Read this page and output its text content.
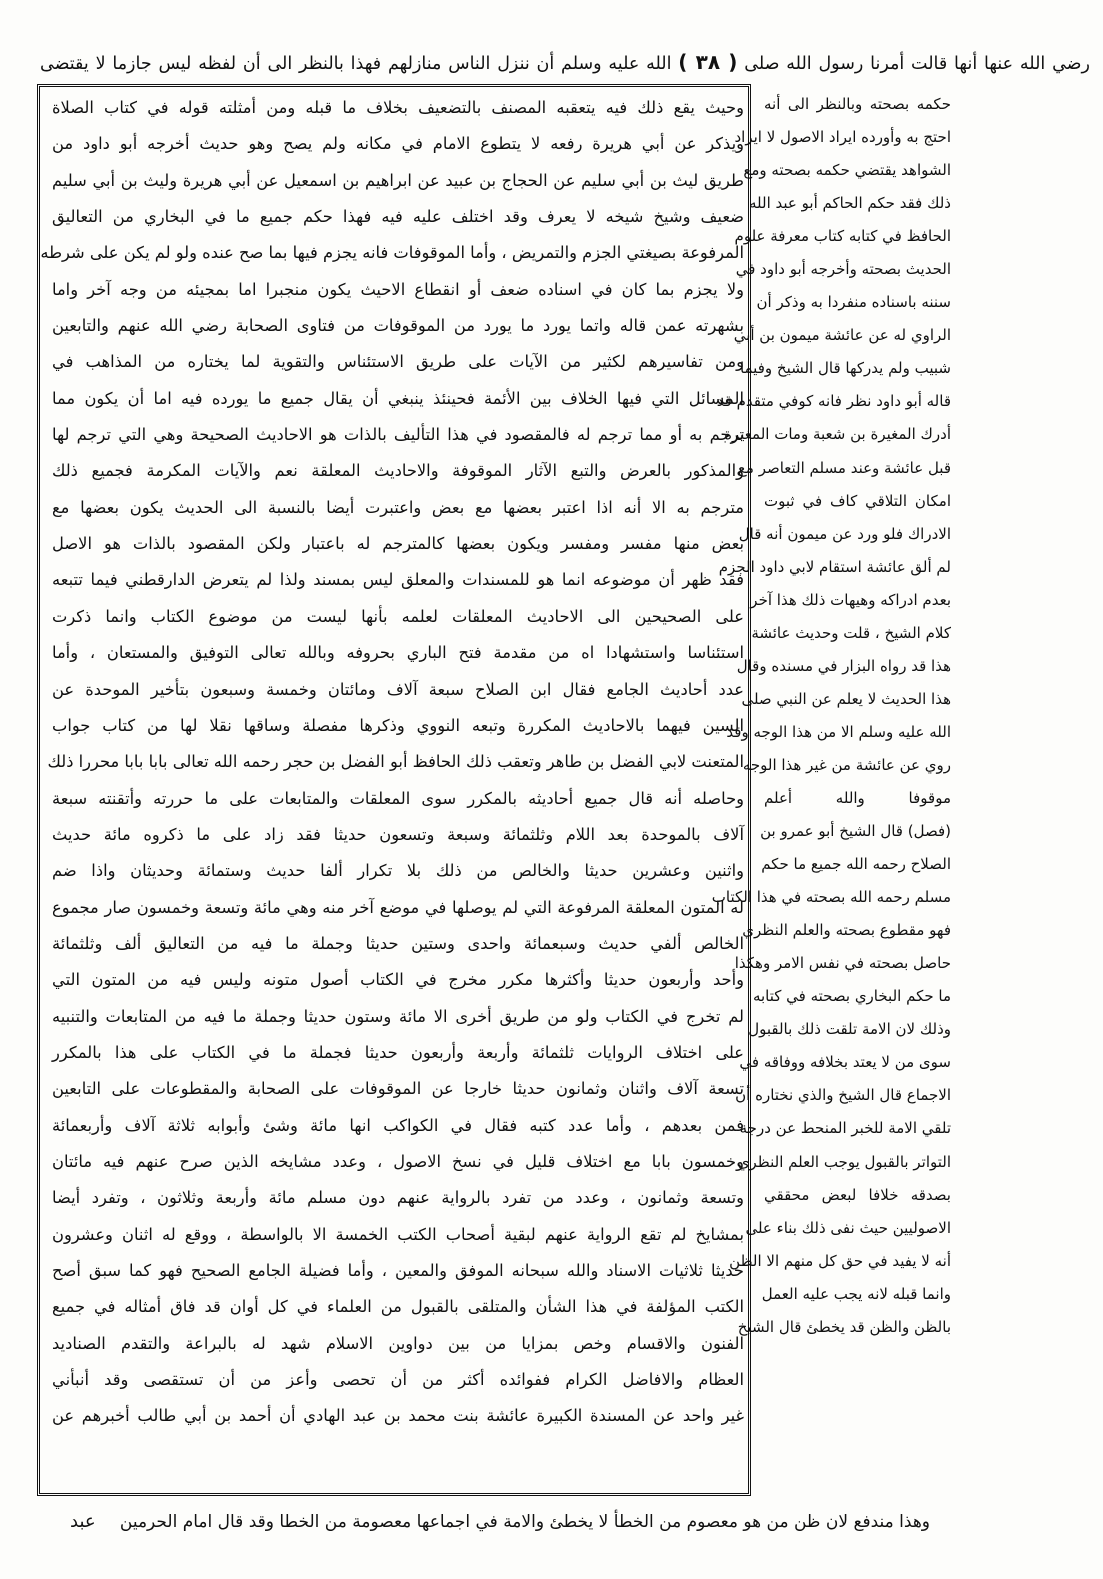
رضي الله عنها أنها قالت أمرنا رسول الله صلى ( ٣٨ ) الله عليه وسلم أن ننزل الناس منازلهم فهذا بالنظر الى أن لفظه ليس جازما لا يقتضى
وحيث يقع ذلك فيه يتعقبه المصنف بالتضعيف بخلاف ما قبله ومن أمثلته قوله في كتاب الصلاة
ويذكر عن أبي هريرة رفعه لا يتطوع الامام في مكانه ولم يصح وهو حديث أخرجه أبو داود من
طريق ليث بن أبي سليم عن الحجاج بن عبيد عن ابراهيم بن اسمعيل عن أبي هريرة وليث بن أبي سليم
ضعيف وشيخ شيخه لا يعرف وقد اختلف عليه فيه فهذا حكم جميع ما في البخاري من التعاليق
المرفوعة بصيغتي الجزم والتمريض ، وأما الموقوفات فانه يجزم فيها بما صح عنده ولو لم يكن على شرطه
ولا يجزم بما كان في اسناده ضعف أو انقطاع الاحيث يكون منجبرا اما بمجيئه من وجه آخر واما
بشهرته عمن قاله واتما يورد ما يورد من الموقوفات من فتاوى الصحابة رضي الله عنهم والتابعين
ومن تفاسيرهم لكثير من الآيات على طريق الاستئناس والتقوية لما يختاره من المذاهب في
المسائل التي فيها الخلاف بين الأئمة فحينئذ ينبغي أن يقال جميع ما يورده فيه اما أن يكون مما
ترجم به أو مما ترجم له فالمقصود في هذا التأليف بالذات هو الاحاديث الصحيحة وهي التي ترجم لها
والمذكور بالعرض والتبع الآثار الموقوفة والاحاديث المعلقة نعم والآيات المكرمة فجميع ذلك
مترجم به الا أنه اذا اعتبر بعضها مع بعض واعتبرت أيضا بالنسبة الى الحديث يكون بعضها مع
بعض منها مفسر ومفسر ويكون بعضها كالمترجم له باعتبار ولكن المقصود بالذات هو الاصل
فقد ظهر أن موضوعه انما هو للمسندات والمعلق ليس بمسند ولذا لم يتعرض الدارقطني فيما تتبعه
على الصحيحين الى الاحاديث المعلقات لعلمه بأنها ليست من موضوع الكتاب وانما ذكرت
استئناسا واستشهادا اه من مقدمة فتح الباري بحروفه وبالله تعالى التوفيق والمستعان ، وأما
عدد أحاديث الجامع فقال ابن الصلاح سبعة آلاف ومائتان وخمسة وسبعون بتأخير الموحدة عن
السين فيهما بالاحاديث المكررة وتبعه النووي وذكرها مفصلة وساقها نقلا لها من كتاب جواب
المتعنت لابي الفضل بن طاهر وتعقب ذلك الحافظ أبو الفضل بن حجر رحمه الله تعالى بابا بابا محررا ذلك
وحاصله أنه قال جميع أحاديثه بالمكرر سوى المعلقات والمتابعات على ما حررته وأتقنته سبعة
آلاف بالموحدة بعد اللام وثلثمائة وسبعة وتسعون حديثا فقد زاد على ما ذكروه مائة حديث
واثنين وعشرين حديثا والخالص من ذلك بلا تكرار ألفا حديث وستمائة وحديثان واذا ضم
له المتون المعلقة المرفوعة التي لم يوصلها في موضع آخر منه وهي مائة وتسعة وخمسون صار مجموع
الخالص ألفي حديث وسبعمائة واحدى وستين حديثا وجملة ما فيه من التعاليق ألف وثلثمائة
وأحد وأربعون حديثا وأكثرها مكرر مخرج في الكتاب أصول متونه وليس فيه من المتون التي
لم تخرج في الكتاب ولو من طريق أخرى الا مائة وستون حديثا وجملة ما فيه من المتابعات والتنبيه
على اختلاف الروايات ثلثمائة وأربعة وأربعون حديثا فجملة ما في الكتاب على هذا بالمكرر
تسعة آلاف واثنان وثمانون حديثا خارجا عن الموقوفات على الصحابة والمقطوعات على التابعين
فمن بعدهم ، وأما عدد كتبه فقال في الكواكب انها مائة وشئ وأبوابه ثلاثة آلاف وأربعمائة
وخمسون بابا مع اختلاف قليل في نسخ الاصول ، وعدد مشايخه الذين صرح عنهم فيه مائتان
وتسعة وثمانون ، وعدد من تفرد بالرواية عنهم دون مسلم مائة وأربعة وثلاثون ، وتفرد أيضا
بمشايخ لم تقع الرواية عنهم لبقية أصحاب الكتب الخمسة الا بالواسطة ، ووقع له اثنان وعشرون
حديثا ثلاثيات الاسناد والله سبحانه الموفق والمعين ، وأما فضيلة الجامع الصحيح فهو كما سبق أصح
الكتب المؤلفة في هذا الشأن والمتلقى بالقبول من العلماء في كل أوان قد فاق أمثاله في جميع
الفنون والاقسام وخص بمزايا من بين دواوين الاسلام شهد له بالبراعة والتقدم الصناديد
العظام والافاضل الكرام ففوائده أكثر من أن تحصى وأعز من أن تستقصى وقد أنبأني
غير واحد عن المسندة الكبيرة عائشة بنت محمد بن عبد الهادي أن أحمد بن أبي طالب أخبرهم عن
حكمه بصحته وبالنظر الى أنه
احتج به وأورده ايراد الاصول لا ايراد
الشواهد يقتضي حكمه بصحته ومع
ذلك فقد حكم الحاكم أبو عبد الله
الحافظ في كتابه كتاب معرفة علوم
الحديث بصحته وأخرجه أبو داود في
سننه باسناده منفردا به وذكر أن
الراوي له عن عائشة ميمون بن أبي
شبيب ولم يدركها قال الشيخ وفيما
قاله أبو داود نظر فانه كوفي متقدم قد
أدرك المغيرة بن شعبة ومات المغيرة
قبل عائشة وعند مسلم التعاصر مع
امكان التلاقي كاف في ثبوت
الادراك فلو ورد عن ميمون أنه قال
لم ألق عائشة استقام لابي داود الجزم
بعدم ادراكه وهيهات ذلك هذا آخر
كلام الشيخ ، قلت وحديث عائشة
هذا قد رواه البزار في مسنده وقال
هذا الحديث لا يعلم عن النبي صلى
الله عليه وسلم الا من هذا الوجه وقد
روي عن عائشة من غير هذا الوجه
موقوفا والله أعلم
(فصل) قال الشيخ أبو عمرو بن
الصلاح رحمه الله جميع ما حكم
مسلم رحمه الله بصحته في هذا الكتاب
فهو مقطوع بصحته والعلم النظري
حاصل بصحته في نفس الامر وهكذا
ما حكم البخاري بصحته في كتابه
وذلك لان الامة تلقت ذلك بالقبول
سوى من لا يعتد بخلافه ووفاقه في
الاجماع قال الشيخ والذي نختاره أن
تلقي الامة للخبر المنحط عن درجة
التواتر بالقبول يوجب العلم النظري
بصدقه خلافا لبعض محققي
الاصوليين حيث نفى ذلك بناء على
أنه لا يفيد في حق كل منهم الا الظن
وانما قبله لانه يجب عليه العمل
بالظن والظن قد يخطئ قال الشيخ
وهذا مندفع لان ظن من هو معصوم من الخطأ لا يخطئ والامة في اجماعها معصومة من الخطا وقد قال امام الحرمين
عبد
